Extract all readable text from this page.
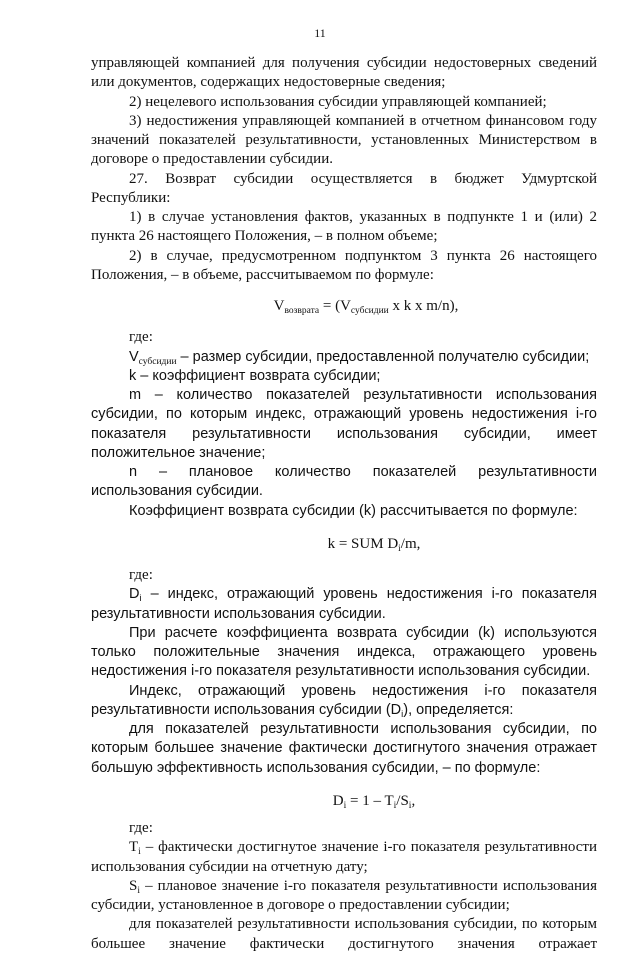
11

управляющей компанией для получения субсидии недостоверных сведений или документов, содержащих недостоверные сведения;

2) нецелевого использования субсидии управляющей компанией;

3) недостижения управляющей компанией в отчетном финансовом году значений показателей результативности, установленных Министерством в договоре о предоставлении субсидии.

27. Возврат субсидии осуществляется в бюджет Удмуртской Республики:

1) в случае установления фактов, указанных в подпункте 1 и (или) 2 пункта 26 настоящего Положения, – в полном объеме;

2) в случае, предусмотренном подпунктом 3 пункта 26 настоящего Положения, – в объеме, рассчитываемом по формуле:

$V_{возврата} = (V_{субсидии}$ x k x m/n),

где:

$V_{субсидии}$ – размер субсидии, предоставленной получателю субсидии;

k – коэффициент возврата субсидии;

m – количество показателей результативности использования субсидии, по которым индекс, отражающий уровень недостижения i-го показателя результативности использования субсидии, имеет положительное значение;

n – плановое количество показателей результативности использования субсидии.

Коэффициент возврата субсидии (k) рассчитывается по формуле:

k = SUM $D_i/m$,

где:

$D_i$ – индекс, отражающий уровень недостижения i-го показателя результативности использования субсидии.

При расчете коэффициента возврата субсидии (k) используются только положительные значения индекса, отражающего уровень недостижения i-го показателя результативности использования субсидии.

Индекс, отражающий уровень недостижения i-го показателя результативности использования субсидии $(D_i)$, определяется:

для показателей результативности использования субсидии, по которым большее значение фактически достигнутого значения отражает большую эффективность использования субсидии, – по формуле:

$D_i = 1 - T_i/S_i$,

где:

$T_i$ – фактически достигнутое значение i-го показателя результативности использования субсидии на отчетную дату;

$S_i$ – плановое значение i-го показателя результативности использования субсидии, установленное в договоре о предоставлении субсидии;

для показателей результативности использования субсидии, по которым большее значение фактически достигнутого значения отражает
